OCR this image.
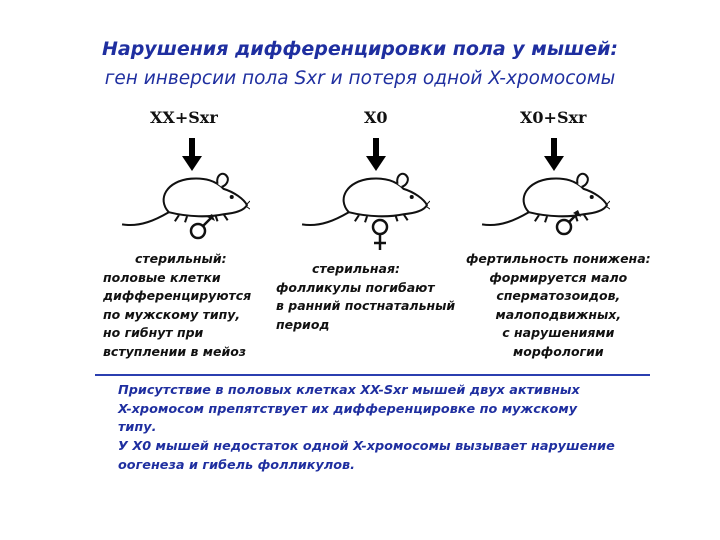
Нарушения дифференцировки пола у мышей:
ген инверсии пола Sxr и потеря одной X-хромосомы
XX+Sxr
стерильный:
половые клетки
дифференцируются
по мужскому типу,
но гибнут при
вступлении в мейоз
X0
стерильная:
фолликулы погибают
в ранний постнатальный
период
X0+Sxr
фертильность понижена:
формируется мало
сперматозоидов,
малоподвижных,
с нарушениями
морфологии
Присутствие в половых клетках XX-Sxr мышей двух активных
X-хромосом препятствует их дифференцировке по мужскому
типу.
У X0 мышей недостаток одной X-хромосомы вызывает нарушение
оогенеза и гибель фолликулов.
